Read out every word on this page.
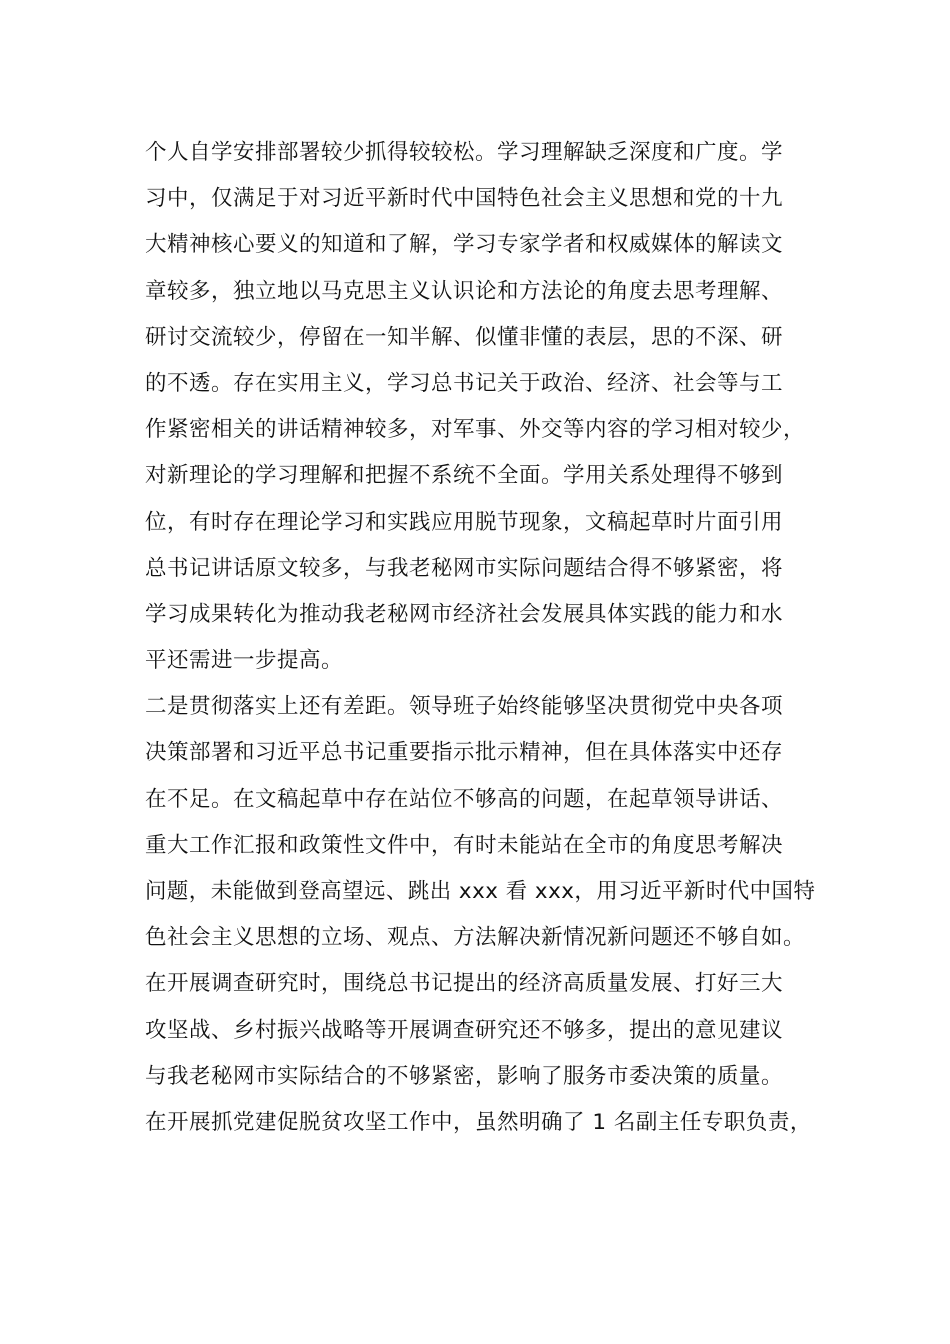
个人自学安排部署较少抓得较较松。学习理解缺乏深度和广度。学
习中，仅满足于对习近平新时代中国特色社会主义思想和党的十九
大精神核心要义的知道和了解，学习专家学者和权威媒体的解读文
章较多，独立地以马克思主义认识论和方法论的角度去思考理解、
研讨交流较少，停留在一知半解、似懂非懂的表层，思的不深、研
的不透。存在实用主义，学习总书记关于政治、经济、社会等与工
作紧密相关的讲话精神较多，对军事、外交等内容的学习相对较少，
对新理论的学习理解和把握不系统不全面。学用关系处理得不够到
位，有时存在理论学习和实践应用脱节现象，文稿起草时片面引用
总书记讲话原文较多，与我老秘网市实际问题结合得不够紧密，将
学习成果转化为推动我老秘网市经济社会发展具体实践的能力和水
平还需进一步提高。
二是贯彻落实上还有差距。领导班子始终能够坚决贯彻党中央各项
决策部署和习近平总书记重要指示批示精神，但在具体落实中还存
在不足。在文稿起草中存在站位不够高的问题，在起草领导讲话、
重大工作汇报和政策性文件中，有时未能站在全市的角度思考解决
问题，未能做到登高望远、跳出 xxx 看 xxx，用习近平新时代中国特
色社会主义思想的立场、观点、方法解决新情况新问题还不够自如。
在开展调查研究时，围绕总书记提出的经济高质量发展、打好三大
攻坚战、乡村振兴战略等开展调查研究还不够多，提出的意见建议
与我老秘网市实际结合的不够紧密，影响了服务市委决策的质量。
在开展抓党建促脱贫攻坚工作中，虽然明确了 1 名副主任专职负责，
